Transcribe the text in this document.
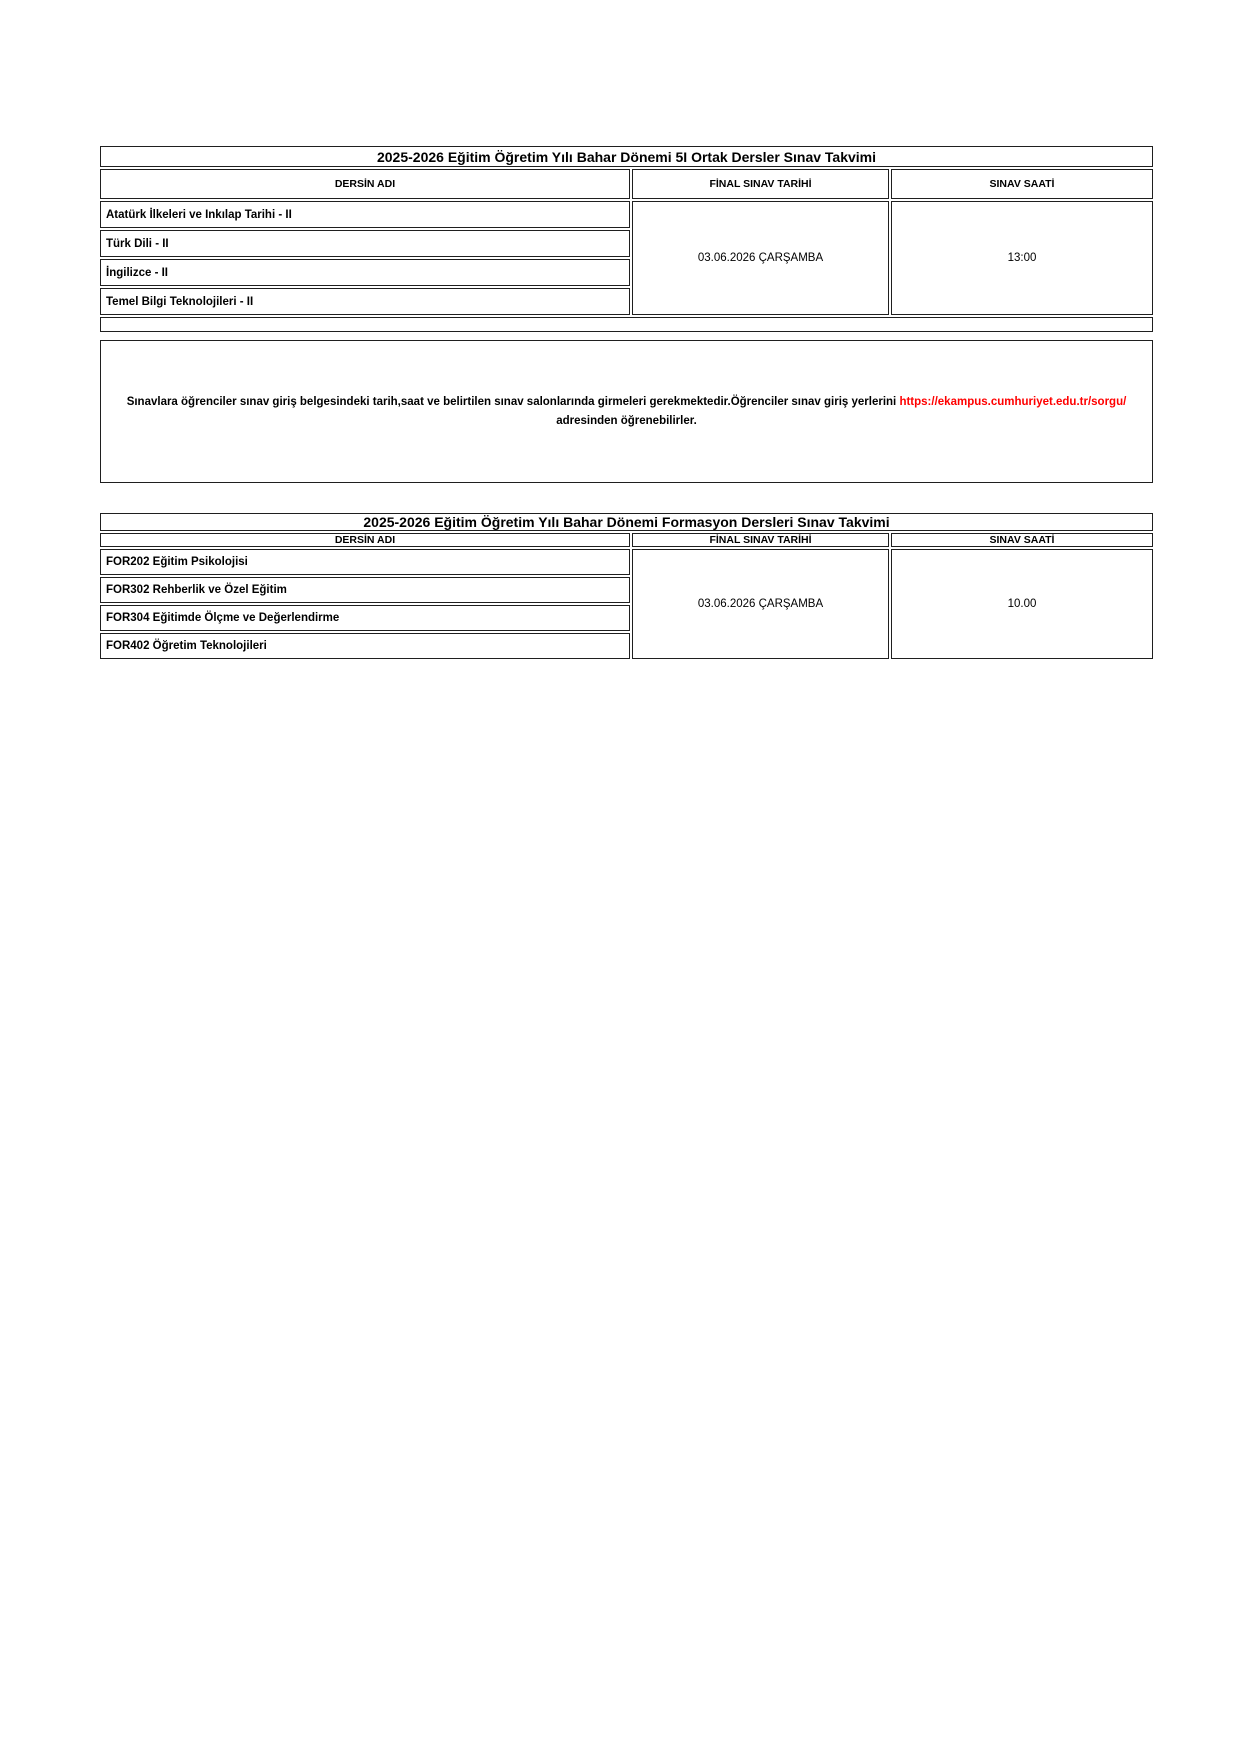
2025-2026 Eğitim Öğretim Yılı Bahar Dönemi 5I Ortak Dersler Sınav Takvimi
DERSİN ADI	FİNAL SINAV TARİHİ	SINAV SAATİ
Atatürk İlkeleri ve Inkılap Tarihi - II
Türk Dili - II
İngilizce - II
Temel Bilgi Teknolojileri - II
03.06.2026 ÇARŞAMBA	13:00

Sınavlara öğrenciler sınav giriş belgesindeki tarih,saat ve belirtilen sınav salonlarında girmeleri gerekmektedir.Öğrenciler sınav giriş yerlerini https://ekampus.cumhuriyet.edu.tr/sorgu/ adresinden öğrenebilirler.

2025-2026 Eğitim Öğretim Yılı Bahar Dönemi Formasyon Dersleri Sınav Takvimi
DERSİN ADI	FİNAL SINAV TARİHİ	SINAV SAATİ
FOR202 Eğitim Psikolojisi
FOR302 Rehberlik ve Özel Eğitim
FOR304 Eğitimde Ölçme ve Değerlendirme
FOR402 Öğretim Teknolojileri
03.06.2026 ÇARŞAMBA	10.00
